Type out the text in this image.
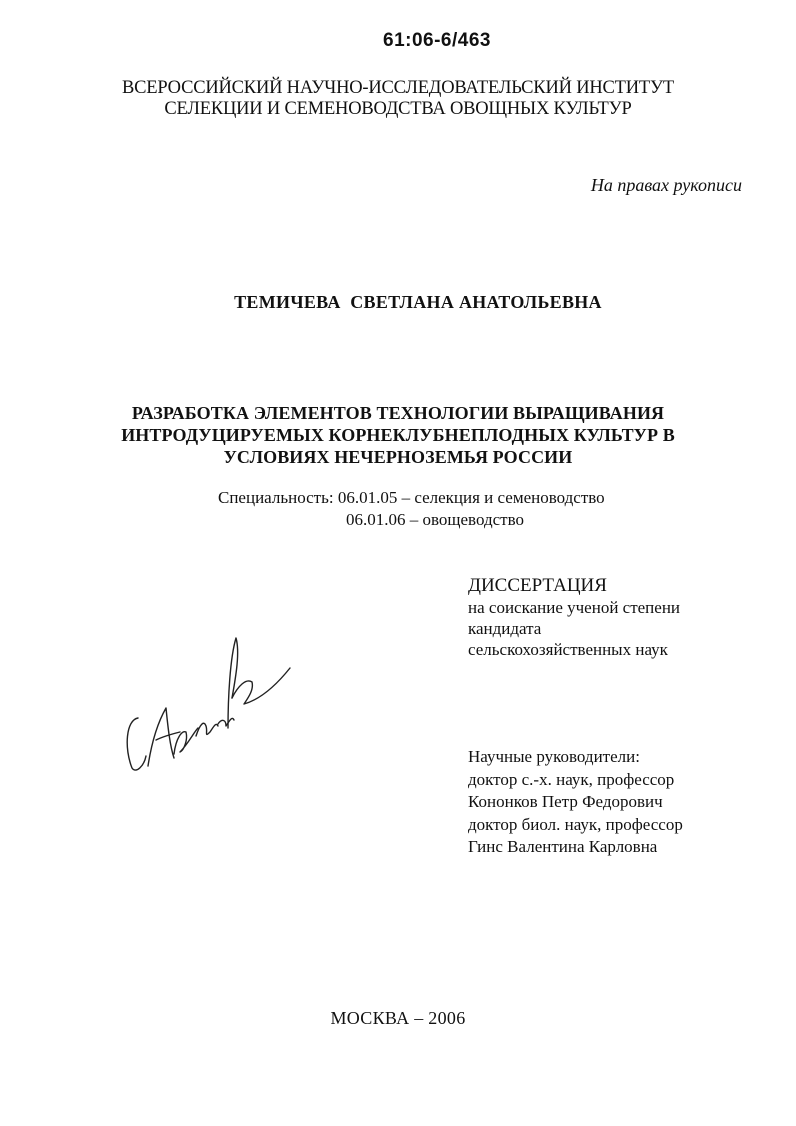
61:06-6/463
ВСЕРОССИЙСКИЙ НАУЧНО-ИССЛЕДОВАТЕЛЬСКИЙ ИНСТИТУТ
СЕЛЕКЦИИ И СЕМЕНОВОДСТВА ОВОЩНЫХ КУЛЬТУР
На правах рукописи
ТЕМИЧЕВА  СВЕТЛАНА АНАТОЛЬЕВНА
РАЗРАБОТКА ЭЛЕМЕНТОВ ТЕХНОЛОГИИ ВЫРАЩИВАНИЯ
ИНТРОДУЦИРУЕМЫХ КОРНЕКЛУБНЕПЛОДНЫХ КУЛЬТУР В
УСЛОВИЯХ НЕЧЕРНОЗЕМЬЯ РОССИИ
Специальность: 06.01.05 – селекция и семеноводство
06.01.06 – овощеводство
ДИССЕРТАЦИЯ
на соискание ученой степени
кандидата
сельскохозяйственных наук
Научные руководители:
доктор с.-х. наук, профессор
Кононков Петр Федорович
доктор биол. наук, профессор
Гинс Валентина Карловна
МОСКВА – 2006
